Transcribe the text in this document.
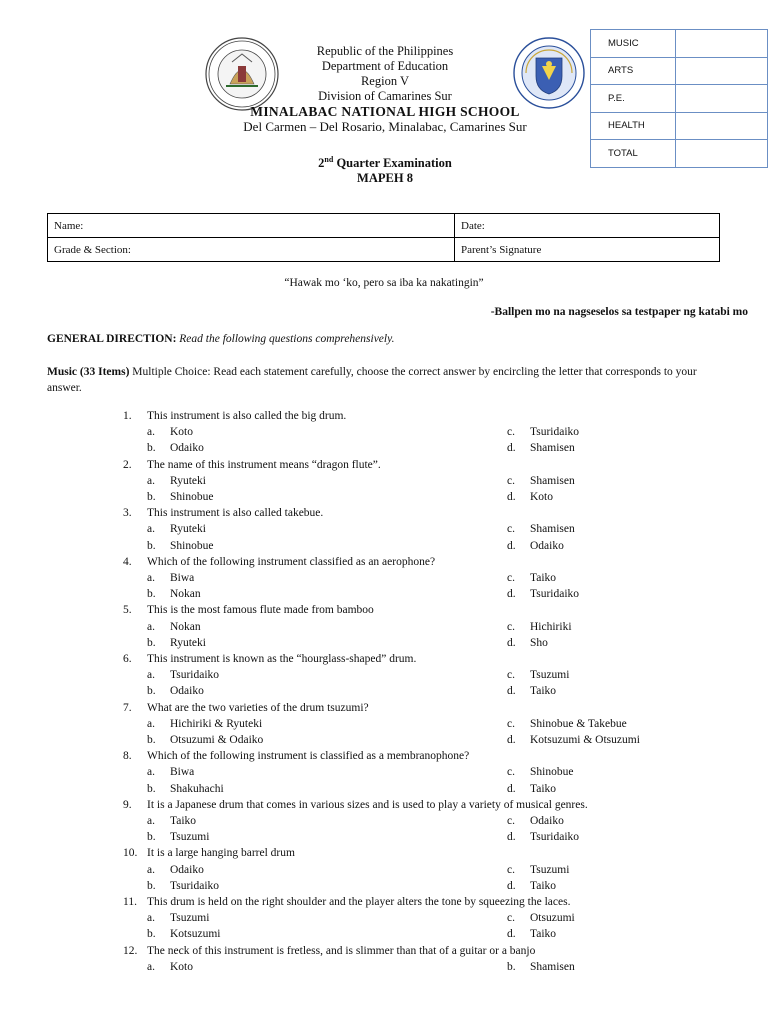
Republic of the Philippines
Department of Education
Region V
Division of Camarines Sur
MINALABAC NATIONAL HIGH SCHOOL
Del Carmen – Del Rosario, Minalabac, Camarines Sur
2nd Quarter Examination
MAPEH 8
MUSIC	
ARTS	
P.E.	
HEALTH	
TOTAL	
Name:	Date:
Grade & Section:	Parent’s Signature
“Hawak mo ‘ko, pero sa iba ka nakatingin”
-Ballpen mo na nagseselos sa testpaper ng katabi mo
GENERAL DIRECTION: Read the following questions comprehensively.
Music (33 Items) Multiple Choice: Read each statement carefully, choose the correct answer by encircling the letter that corresponds to your answer.
1. This instrument is also called the big drum.
a. Koto	c. Tsuridaiko
b. Odaiko	d. Shamisen
2. The name of this instrument means “dragon flute”.
a. Ryuteki	c. Shamisen
b. Shinobue	d. Koto
3. This instrument is also called takebue.
a. Ryuteki	c. Shamisen
b. Shinobue	d. Odaiko
4. Which of the following instrument classified as an aerophone?
a. Biwa	c. Taiko
b. Nokan	d. Tsuridaiko
5. This is the most famous flute made from bamboo
a. Nokan	c. Hichiriki
b. Ryuteki	d. Sho
6. This instrument is known as the “hourglass-shaped” drum.
a. Tsuridaiko	c. Tsuzumi
b. Odaiko	d. Taiko
7. What are the two varieties of the drum tsuzumi?
a. Hichiriki & Ryuteki	c. Shinobue & Takebue
b. Otsuzumi & Odaiko	d. Kotsuzumi & Otsuzumi
8. Which of the following instrument is classified as a membranophone?
a. Biwa	c. Shinobue
b. Shakuhachi	d. Taiko
9. It is a Japanese drum that comes in various sizes and is used to play a variety of musical genres.
a. Taiko	c. Odaiko
b. Tsuzumi	d. Tsuridaiko
10. It is a large hanging barrel drum
a. Odaiko	c. Tsuzumi
b. Tsuridaiko	d. Taiko
11. This drum is held on the right shoulder and the player alters the tone by squeezing the laces.
a. Tsuzumi	c. Otsuzumi
b. Kotsuzumi	d. Taiko
12. The neck of this instrument is fretless, and is slimmer than that of a guitar or a banjo
a. Koto	b. Shamisen
